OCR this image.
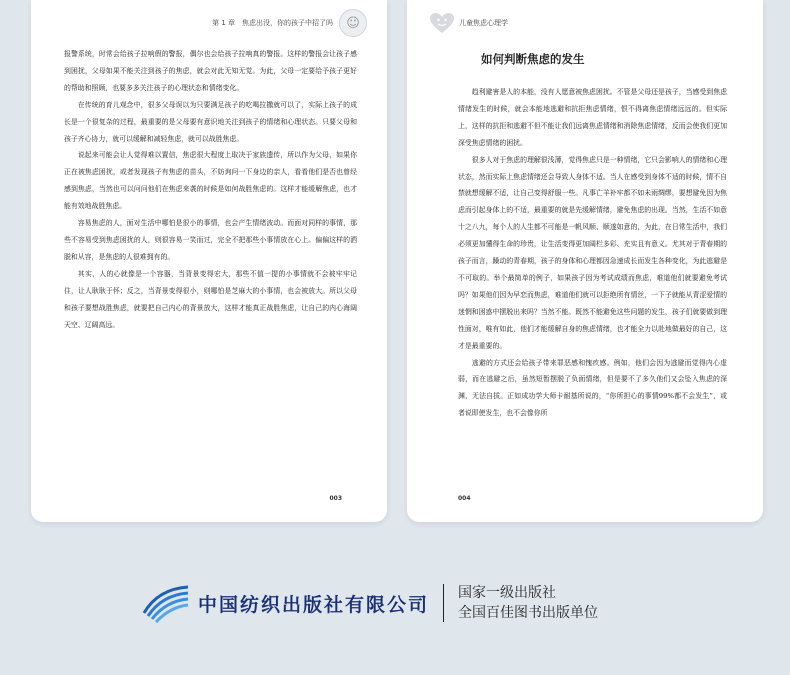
第 1 章　焦虑出没，你的孩子中招了吗	☺

报警系统，时常会给孩子拉响假的警报，偶尔也会给孩子拉响真的警报。这样的警报会让孩子感到困扰，父母如果不能关注到孩子的焦虑，就会对此无知无觉。为此，父母一定要给予孩子更好的帮助和照顾，也要多多关注孩子的心理状态和情绪变化。

在传统的育儿观念中，很多父母误以为只要满足孩子的吃喝拉撒就可以了，实际上孩子的成长是一个很复杂的过程，最重要的是父母要有意识地关注到孩子的情绪和心理状态。只要父母和孩子齐心协力，就可以缓解和减轻焦虑，就可以战胜焦虑。

说起来可能会让人觉得难以置信，焦虑很大程度上取决于家族遗传，所以作为父母，如果你正在被焦虑困扰，或者发现孩子有焦虑的苗头，不妨询问一下身边的亲人，看看他们是否也曾经感到焦虑，当然也可以问问他们在焦虑来袭的时候是如何战胜焦虑的。这样才能缓解焦虑，也才能有效地战胜焦虑。

容易焦虑的人，面对生活中哪怕是很小的事情，也会产生情绪波动。而面对同样的事情，那些不容易受到焦虑困扰的人，则很容易一笑而过，完全不把那些小事情放在心上。偏偏这样的洒脱和从容，是焦虑的人很难拥有的。

其实，人的心就像是一个容器，当背景变得宏大，那些不值一提的小事情就不会被牢牢记住，让人耿耿于怀；反之，当背景变得很小，则哪怕是芝麻大的小事情，也会被放大。所以父母和孩子要想战胜焦虑，就要把自己内心的背景放大，这样才能真正战胜焦虑，让自己的内心海阔天空、辽阔高远。

003
儿童焦虑心理学
如何判断焦虑的发生

趋利避害是人的本能，没有人愿意被焦虑困扰。不管是父母还是孩子，当感受到焦虑情绪发生的时候，就会本能地逃避和抗拒焦虑情绪，恨不得离焦虑情绪远远的。但实际上，这样的抗拒和逃避不但不能让我们远离焦虑情绪和消除焦虑情绪，反而会使我们更加深受焦虑情绪的困扰。

很多人对于焦虑的理解很浅薄，觉得焦虑只是一种情绪，它只会影响人的情绪和心理状态，然而实际上焦虑情绪还会导致人身体不适。当人在感受到身体不适的时候，情不自禁就想缓解不适，让自己变得舒服一些。凡事亡羊补牢都不如未雨绸缪，要想避免因为焦虑而引起身体上的不适，最重要的就是先缓解情绪，避免焦虑的出现。当然，生活不如意十之八九，每个人的人生都不可能是一帆风顺、顺遂如意的，为此，在日常生活中，我们必须更加懂得生命的珍贵，让生活变得更加阔栏多彩、充实且有意义。尤其对于青春期的孩子而言，躁动的青春期，孩子的身体和心理都因急速成长而发生各种变化，为此逃避是不可取的。举个最简单的例子，如果孩子因为考试成绩而焦虑，难道他们就要避免考试吗？如果他们因为早恋而焦虑，难道他们就可以拒绝所有情丝，一下子就能从青涩爱情的迷惘和困惑中摆脱出来吗？当然不能。既然不能避免这些问题的发生，孩子们就要做到理性面对，唯有如此，他们才能缓解自身的焦虑情绪，也才能全力以赴地做最好的自己，这才是最重要的。

逃避的方式还会给孩子带来罪恶感和愧疚感。例如，他们会因为逃避而觉得内心虚弱，而在逃避之后，虽然短暂摆脱了负面情绪，但是要不了多久他们又会坠入焦虑的深渊，无法自拔。正如成功学大师卡耐基所说的，“你所担心的事情99%都不会发生”，或者说即使发生，也不会像你所

004
中国纺织出版社有限公司
国家一级出版社
全国百佳图书出版单位
